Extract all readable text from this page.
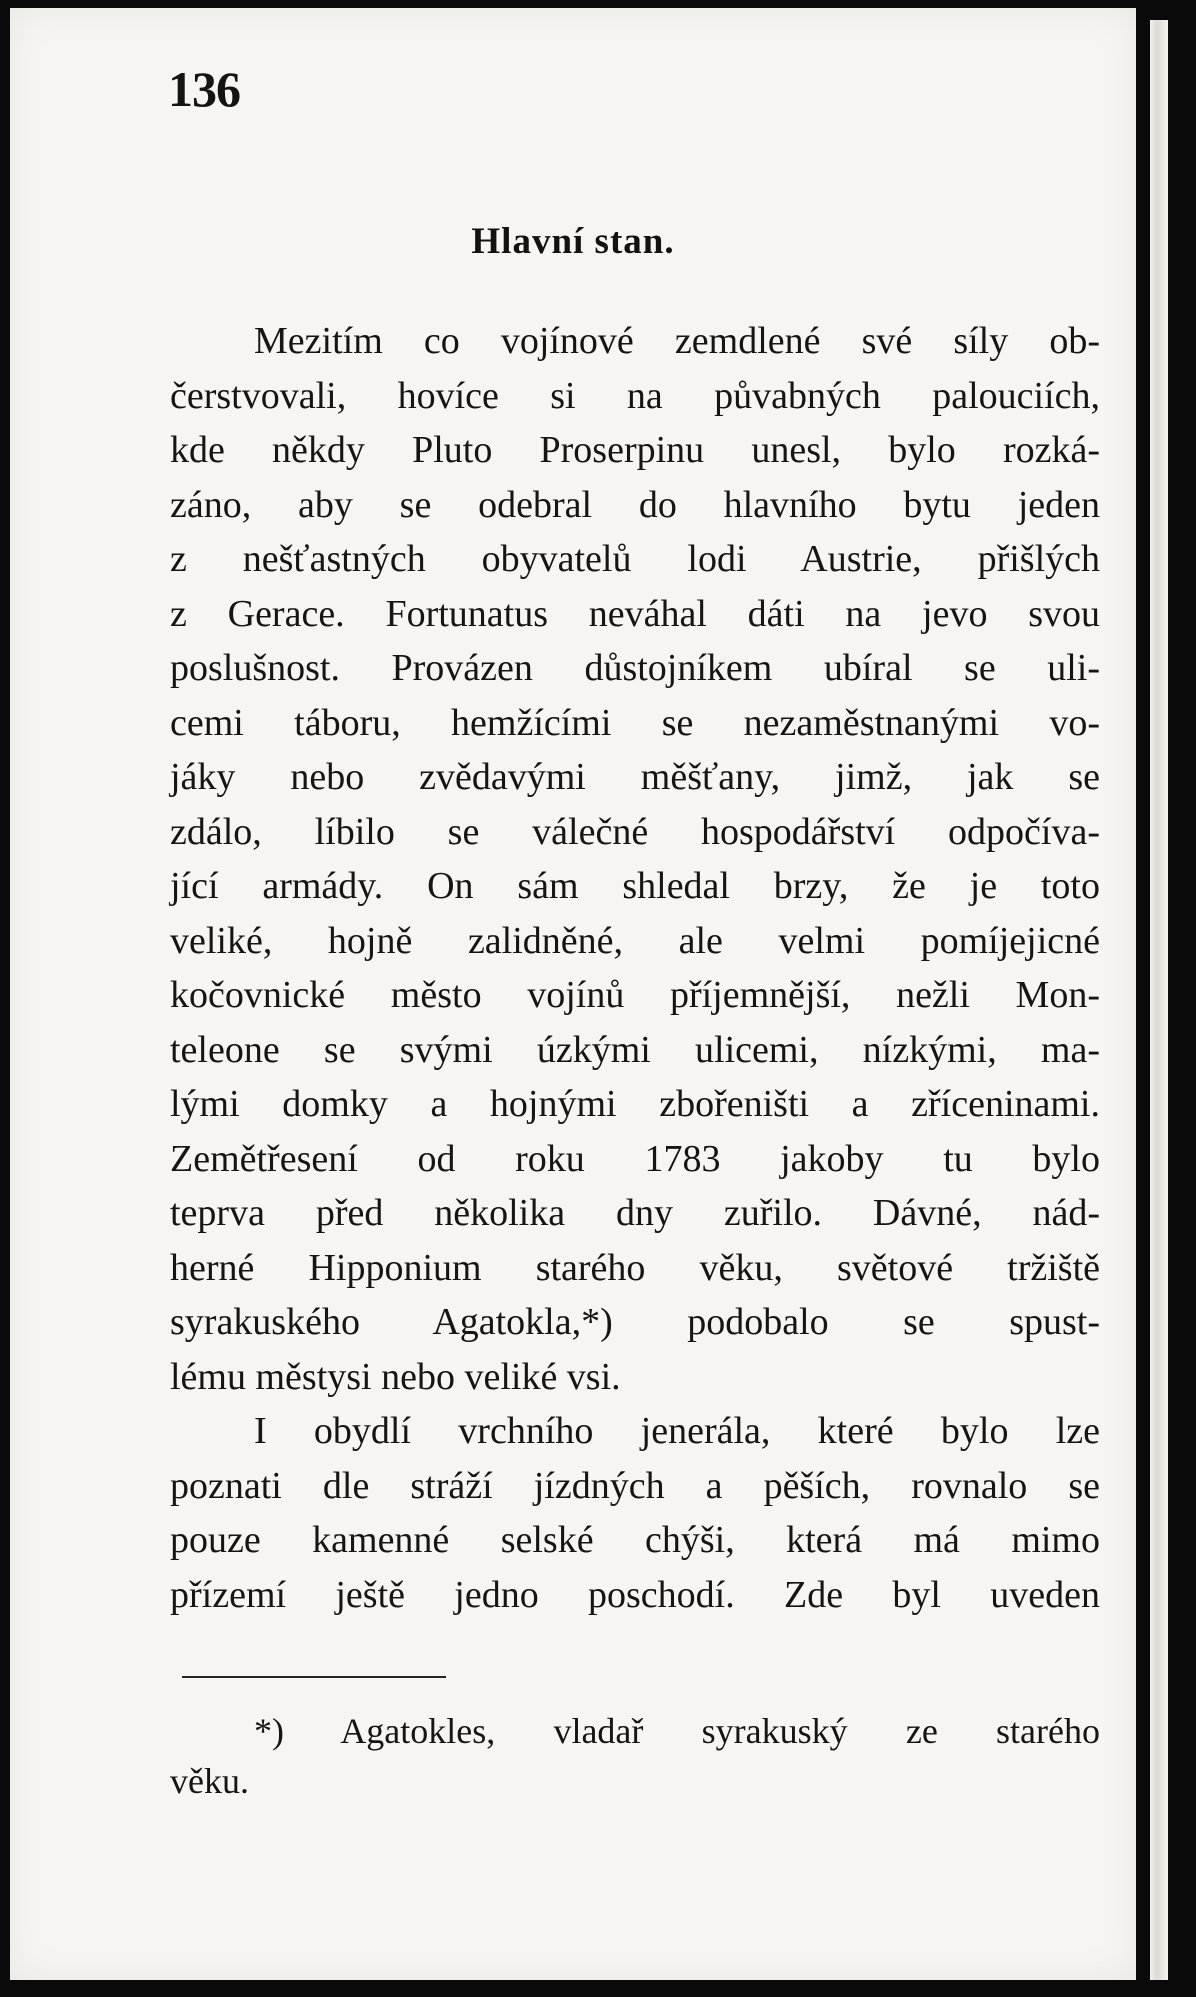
136
Hlavní stan.
Mezitím co vojínové zemdlené své síly ob-
čerstvovali, hovíce si na půvabných palouciích,
kde někdy Pluto Proserpinu unesl, bylo rozká-
záno, aby se odebral do hlavního bytu jeden
z nešťastných obyvatelů lodi Austrie, přišlých
z Gerace. Fortunatus neváhal dáti na jevo svou
poslušnost. Provázen důstojníkem ubíral se uli-
cemi táboru, hemžícími se nezaměstnanými vo-
jáky nebo zvědavými měšťany, jimž, jak se
zdálo, líbilo se válečné hospodářství odpočíva-
jící armády. On sám shledal brzy, že je toto
veliké, hojně zalidněné, ale velmi pomíjejicné
kočovnické město vojínů příjemnější, nežli Mon-
teleone se svými úzkými ulicemi, nízkými, ma-
lými domky a hojnými zbořeništi a zříceninami.
Zemětřesení od roku 1783 jakoby tu bylo
teprva před několika dny zuřilo. Dávné, nád-
herné Hipponium starého věku, světové tržiště
syrakuského Agatokla,*) podobalo se spust-
lému městysi nebo veliké vsi.
I obydlí vrchního jenerála, které bylo lze
poznati dle stráží jízdných a pěších, rovnalo se
pouze kamenné selské chýši, která má mimo
přízemí ještě jedno poschodí. Zde byl uveden
*) Agatokles, vladař syrakuský ze starého
věku.
